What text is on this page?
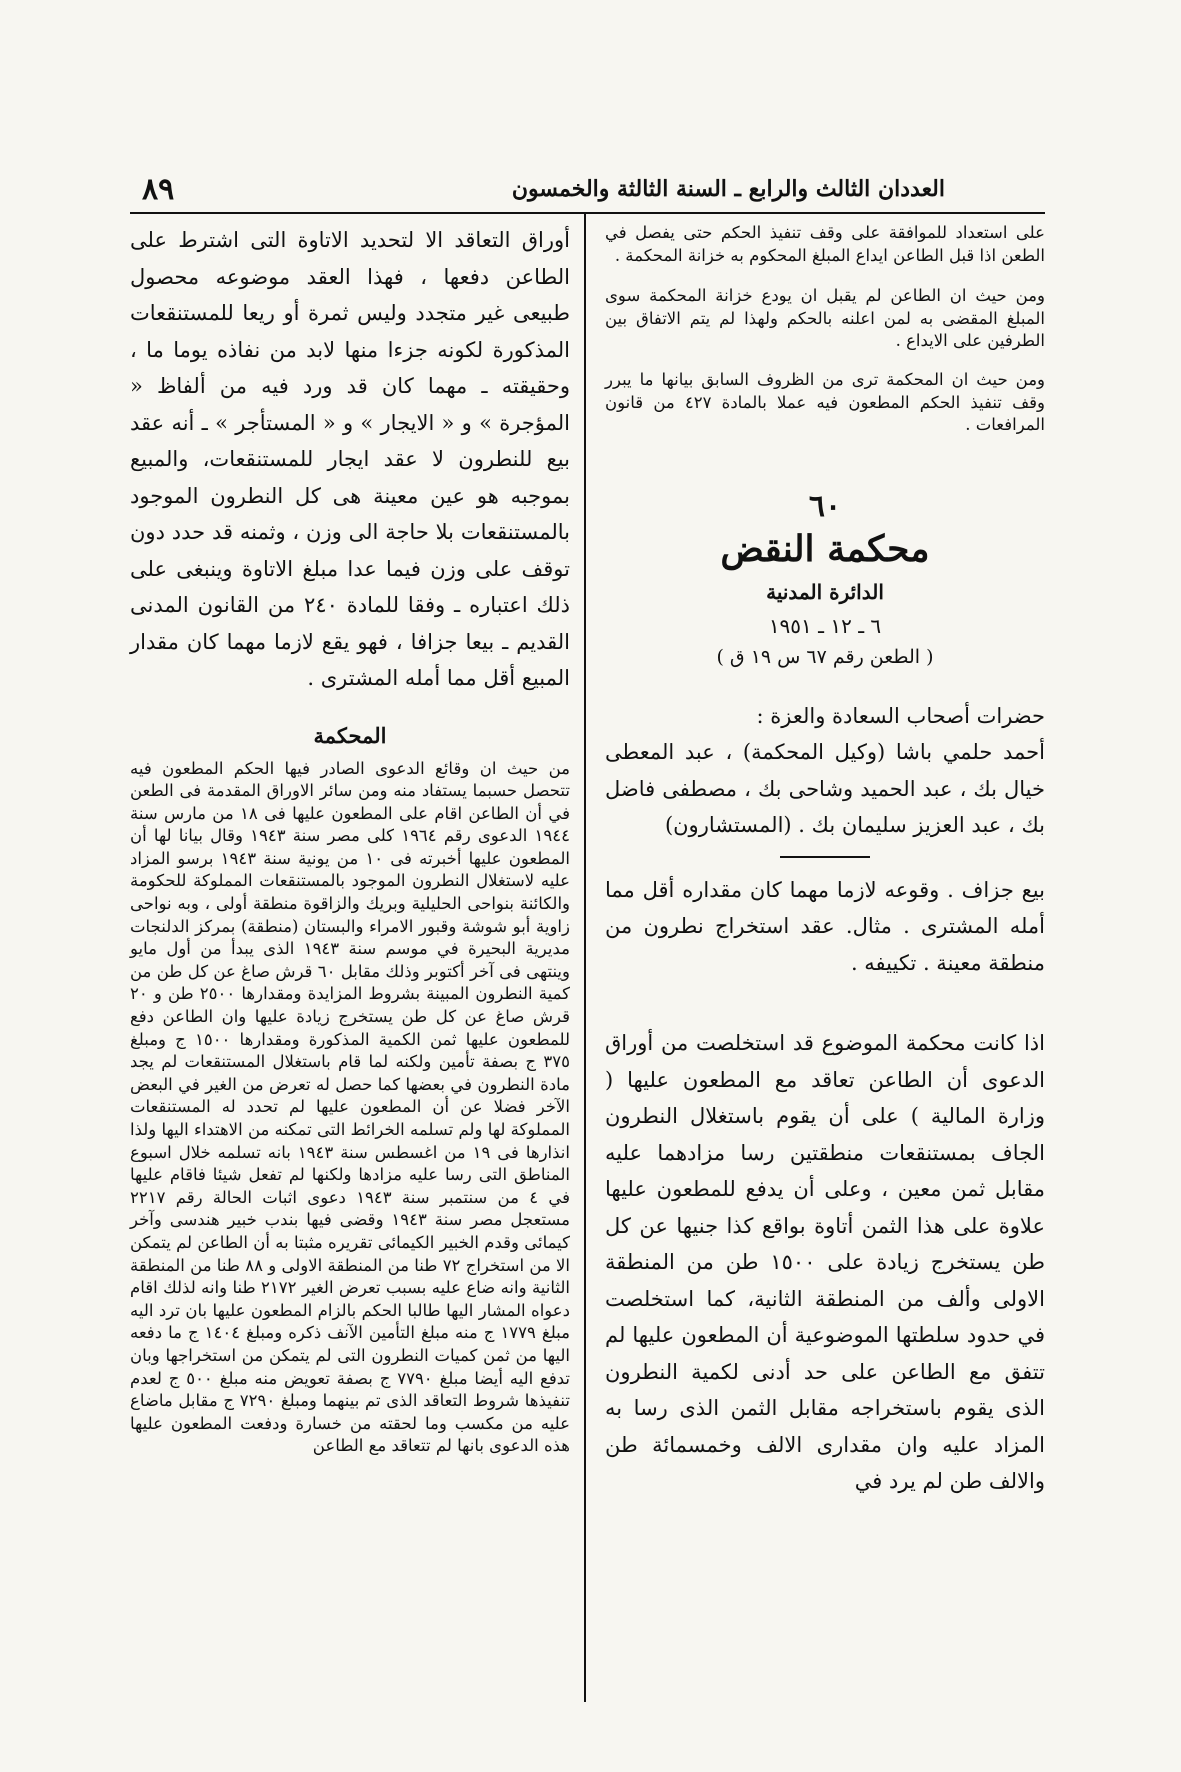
العددان الثالث والرابع ـ السنة الثالثة والخمسون
٨٩

على استعداد للموافقة على وقف تنفيذ الحكم حتى يفصل في الطعن اذا قبل الطاعن ايداع المبلغ المحكوم به خزانة المحكمة .

ومن حيث ان الطاعن لم يقبل ان يودع خزانة المحكمة سوى المبلغ المقضى به لمن اعلنه بالحكم ولهذا لم يتم الاتفاق بين الطرفين على الايداع .

ومن حيث ان المحكمة ترى من الظروف السابق بيانها ما يبرر وقف تنفيذ الحكم المطعون فيه عملا بالمادة ٤٢٧ من قانون المرافعات .

٦٠

محكمة النقض

الدائرة المدنية

٦ ـ ١٢ ـ ١٩٥١

( الطعن رقم ٦٧ س ١٩ ق )

حضرات أصحاب السعادة والعزة :

أحمد حلمي باشا (وكيل المحكمة) ، عبد المعطى خيال بك ، عبد الحميد وشاحى بك ، مصطفى فاضل بك ، عبد العزيز سليمان بك . (المستشارون)

بيع جزاف . وقوعه لازما مهما كان مقداره أقل مما أمله المشترى . مثال. عقد استخراج نطرون من منطقة معينة . تكييفه .

اذا كانت محكمة الموضوع قد استخلصت من أوراق الدعوى أن الطاعن تعاقد مع المطعون عليها ( وزارة المالية ) على أن يقوم باستغلال النطرون الجاف بمستنقعات منطقتين رسا مزادهما عليه مقابل ثمن معين ، وعلى أن يدفع للمطعون عليها علاوة على هذا الثمن أتاوة بواقع كذا جنيها عن كل طن يستخرج زيادة على ١٥٠٠ طن من المنطقة الاولى وألف من المنطقة الثانية، كما استخلصت في حدود سلطتها الموضوعية أن المطعون عليها لم تتفق مع الطاعن على حد أدنى لكمية النطرون الذى يقوم باستخراجه مقابل الثمن الذى رسا به المزاد عليه وان مقدارى الالف وخمسمائة طن والالف طن لم يرد في

أوراق التعاقد الا لتحديد الاتاوة التى اشترط على الطاعن دفعها ، فهذا العقد موضوعه محصول طبيعى غير متجدد وليس ثمرة أو ريعا للمستنقعات المذكورة لكونه جزءا منها لابد من نفاذه يوما ما ، وحقيقته ـ مهما كان قد ورد فيه من ألفاظ « المؤجرة » و « الايجار » و « المستأجر » ـ أنه عقد بيع للنطرون لا عقد ايجار للمستنقعات، والمبيع بموجبه هو عين معينة هى كل النطرون الموجود بالمستنقعات بلا حاجة الى وزن ، وثمنه قد حدد دون توقف على وزن فيما عدا مبلغ الاتاوة وينبغى على ذلك اعتباره ـ وفقا للمادة ٢٤٠ من القانون المدنى القديم ـ بيعا جزافا ، فهو يقع لازما مهما كان مقدار المبيع أقل مما أمله المشترى .

المحكمة

من حيث ان وقائع الدعوى الصادر فيها الحكم المطعون فيه تتحصل حسبما يستفاد منه ومن سائر الاوراق المقدمة فى الطعن في أن الطاعن اقام على المطعون عليها فى ١٨ من مارس سنة ١٩٤٤ الدعوى رقم ١٩٦٤ كلى مصر سنة ١٩٤٣ وقال بيانا لها أن المطعون عليها أخبرته فى ١٠ من يونية سنة ١٩٤٣ برسو المزاد عليه لاستغلال النطرون الموجود بالمستنقعات المملوكة للحكومة والكائنة بنواحى الحليلية وبريك والزاقوة منطقة أولى ، وبه نواحى زاوية أبو شوشة وقبور الامراء والبستان (منطقة) بمركز الدلنجات مديرية البحيرة في موسم سنة ١٩٤٣ الذى يبدأ من أول مايو وينتهى فى آخر أكتوبر وذلك مقابل ٦٠ قرش صاغ عن كل طن من كمية النطرون المبينة بشروط المزايدة ومقدارها ٢٥٠٠ طن و ٢٠ قرش صاغ عن كل طن يستخرج زيادة عليها وان الطاعن دفع للمطعون عليها ثمن الكمية المذكورة ومقدارها ١٥٠٠ ج ومبلغ ٣٧٥ ج بصفة تأمين ولكنه لما قام باستغلال المستنقعات لم يجد مادة النطرون في بعضها كما حصل له تعرض من الغير في البعض الآخر فضلا عن أن المطعون عليها لم تحدد له المستنقعات المملوكة لها ولم تسلمه الخرائط التى تمكنه من الاهتداء اليها ولذا انذارها فى ١٩ من اغسطس سنة ١٩٤٣ بانه تسلمه خلال اسبوع المناطق التى رسا عليه مزادها ولكنها لم تفعل شيئا فاقام عليها في ٤ من سنتمبر سنة ١٩٤٣ دعوى اثبات الحالة رقم ٢٢١٧ مستعجل مصر سنة ١٩٤٣ وقضى فيها بندب خبير هندسى وآخر كيمائى وقدم الخبير الكيمائى تقريره مثبتا به أن الطاعن لم يتمكن الا من استخراج ٧٢ طنا من المنطقة الاولى و ٨٨ طنا من المنطقة الثانية وانه ضاع عليه بسبب تعرض الغير ٢١٧٢ طنا وانه لذلك اقام دعواه المشار اليها طالبا الحكم بالزام المطعون عليها بان ترد اليه مبلغ ١٧٧٩ ج منه مبلغ التأمين الآنف ذكره ومبلغ ١٤٠٤ ج ما دفعه اليها من ثمن كميات النطرون التى لم يتمكن من استخراجها وبان تدفع اليه أيضا مبلغ ٧٧٩٠ ج بصفة تعويض منه مبلغ ٥٠٠ ج لعدم تنفيذها شروط التعاقد الذى تم بينهما ومبلغ ٧٢٩٠ ج مقابل ماضاع عليه من مكسب وما لحقته من خسارة ودفعت المطعون عليها هذه الدعوى بانها لم تتعاقد مع الطاعن
